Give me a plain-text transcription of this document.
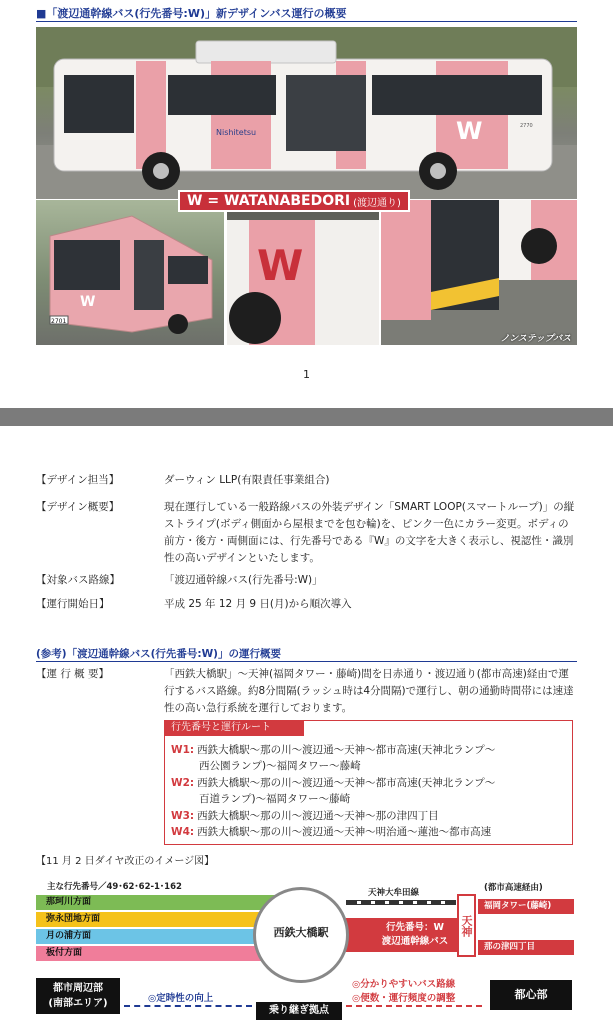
■「渡辺通幹線バス(行先番号:W)」新デザインバス運行の概要
W
Nishitetsu
2770
W
2701
W
W = WATANABEDORI (渡辺通り)
ノンステップバス
1
【デザイン担当】	ダーウィン LLP(有限責任事業組合)
【デザイン概要】	現在運行している一般路線バスの外装デザイン「SMART LOOP(スマートループ)」の縦ストライプ(ボディ側面から屋根までを包む輪)を、ピンク一色にカラー変更。ボディの前方・後方・両側面には、行先番号である『W』の文字を大きく表示し、視認性・識別性の高いデザインといたします。
【対象バス路線】	「渡辺通幹線バス(行先番号:W)」
【運行開始日】	平成 25 年 12 月 9 日(月)から順次導入
(参考)「渡辺通幹線バス(行先番号:W)」の運行概要
【運 行 概 要】	「西鉄大橋駅」～天神(福岡タワー・藤崎)間を日赤通り・渡辺通り(都市高速)経由で運行するバス路線。約8分間隔(ラッシュ時は4分間隔)で運行し、朝の通勤時間帯には速達性の高い急行系統を運行しております。
行先番号と運行ルート
W1: 西鉄大橋駅～那の川～渡辺通～天神～都市高速(天神北ランプ～
西公園ランプ)～福岡タワー～藤崎
W2: 西鉄大橋駅～那の川～渡辺通～天神～都市高速(天神北ランプ～
百道ランプ)～福岡タワー～藤崎
W3: 西鉄大橋駅～那の川～渡辺通～天神～那の津四丁目
W4: 西鉄大橋駅～那の川～渡辺通～天神～明治通～蓮池～都市高速
【11 月 2 日ダイヤ改正のイメージ図】
主な行先番号／49･62･62-1･162
那珂川方面
弥永団地方面
月の浦方面
板付方面
天神大牟田線
行先番号：W
渡辺通幹線バス
西鉄大橋駅	天神
(都市高速経由)
福岡タワー(藤崎)
那の津四丁目
都市周辺部
(南部エリア)	◎定時性の向上
乗り継ぎ拠点
◎分かりやすいバス路線
◎便数・運行頻度の調整	都心部
